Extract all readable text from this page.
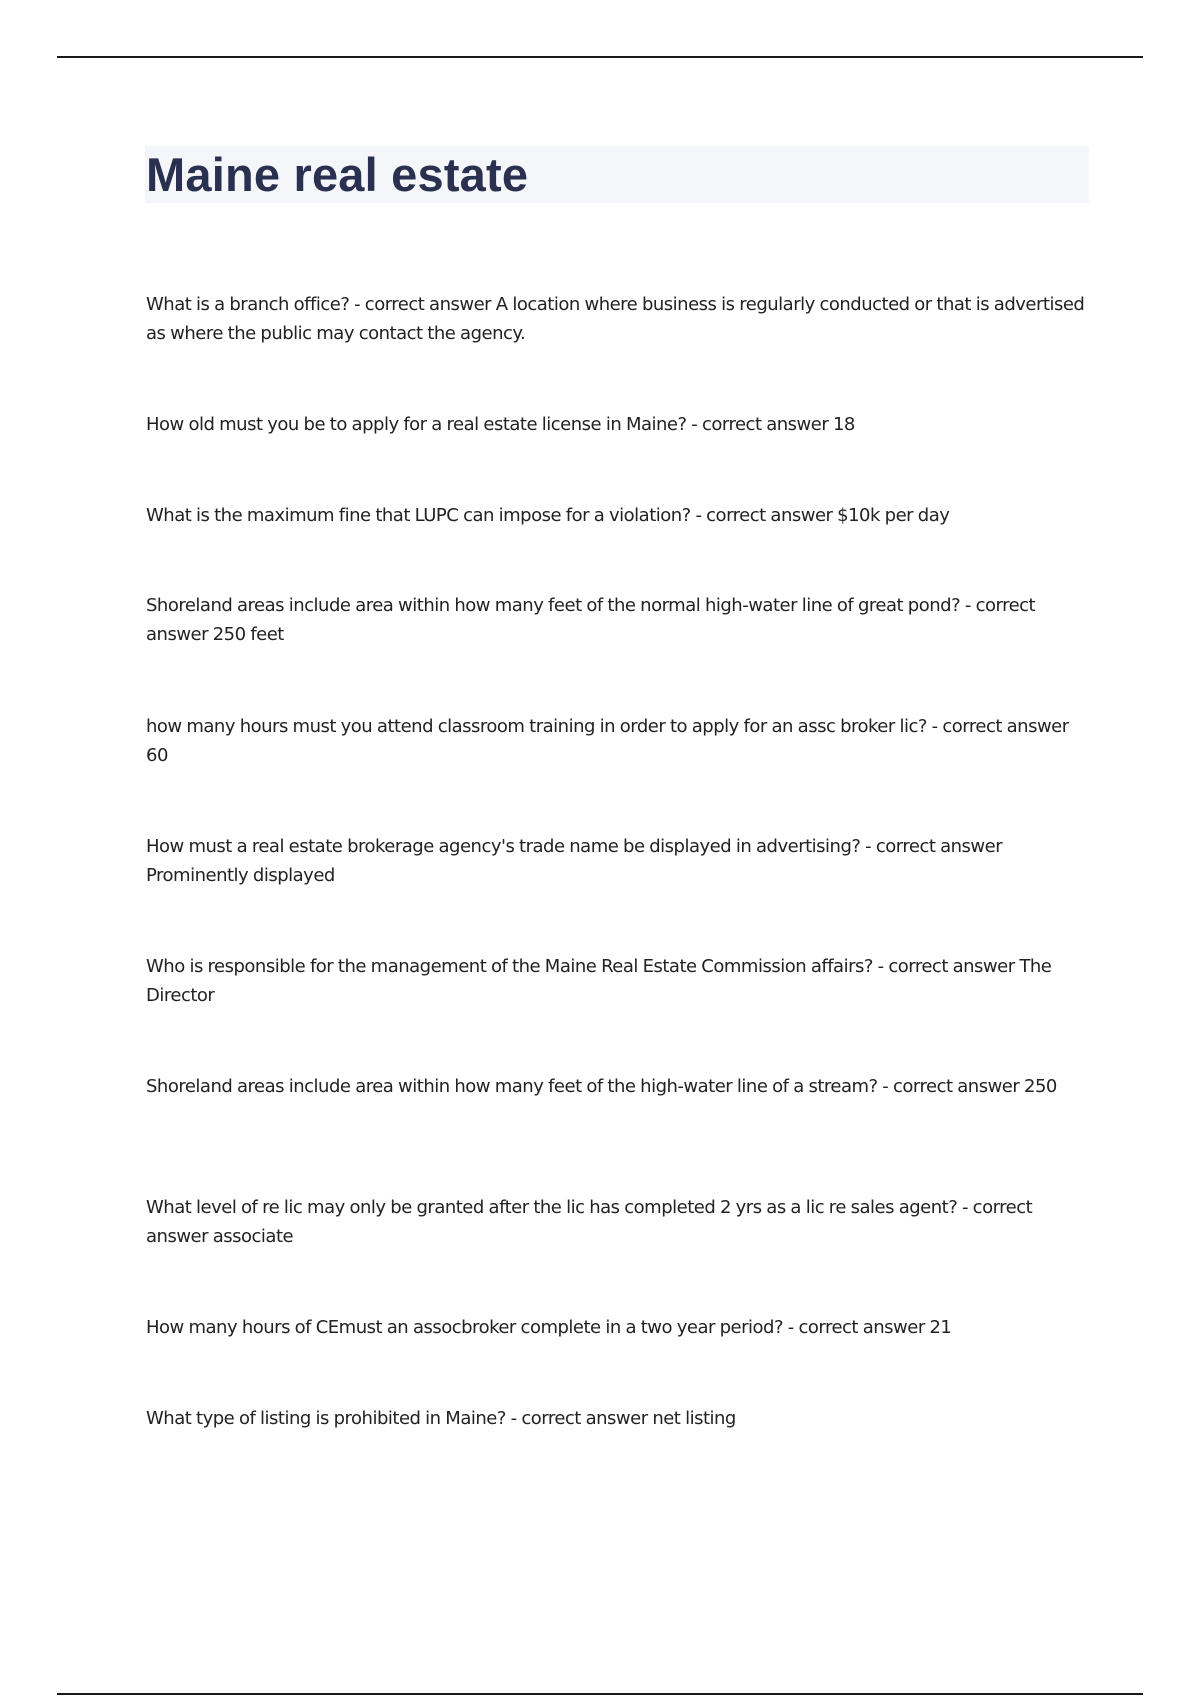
Maine real estate

What is a branch office? - correct answer A location where business is regularly conducted or that is advertised as where the public may contact the agency.

How old must you be to apply for a real estate license in Maine? - correct answer 18

What is the maximum fine that LUPC can impose for a violation? - correct answer $10k per day

Shoreland areas include area within how many feet of the normal high-water line of great pond? - correct answer 250 feet

how many hours must you attend classroom training in order to apply for an assc broker lic? - correct answer 60

How must a real estate brokerage agency's trade name be displayed in advertising? - correct answer Prominently displayed

Who is responsible for the management of the Maine Real Estate Commission affairs? - correct answer The Director

Shoreland areas include area within how many feet of the high-water line of a stream? - correct answer 250

What level of re lic may only be granted after the lic has completed 2 yrs as a lic re sales agent? - correct answer associate

How many hours of CEmust an assocbroker complete in a two year period? - correct answer 21

What type of listing is prohibited in Maine? - correct answer net listing
